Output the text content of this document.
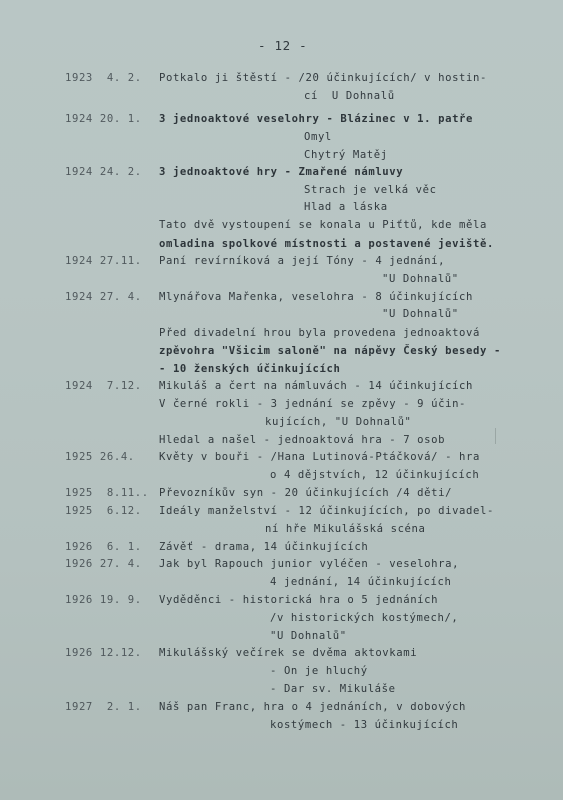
- 12 -
1923  4. 2. Potkalo ji štěstí - /20 účinkujících/ v hostin-
cí  U Dohnalů
1924 20. 1. 3 jednoaktové veselohry - Blázinec v 1. patře
Omyl
Chytrý Matěj
1924 24. 2. 3 jednoaktové hry - Zmařené námluvy
Strach je velká věc
Hlad a láska
Tato dvě vystoupení se konala u Piťtů, kde měla
omladina spolkové místnosti a postavené jeviště.
1924 27.11. Paní revírníková a její Tóny - 4 jednání,
"U Dohnalů"
1924 27. 4. Mlynářova Mařenka, veselohra - 8 účinkujících
"U Dohnalů"
Před divadelní hrou byla provedena jednoaktová
zpěvohra "Všicim saloně" na nápěvy Český besedy -
- 10 ženských účinkujících
1924  7.12. Mikuláš a čert na námluvách - 14 účinkujících
V černé rokli - 3 jednání se zpěvy - 9 účin-
kujících, "U Dohnalů"
Hledal a našel - jednoaktová hra - 7 osob
1925 26.4. Květy v bouři - /Hana Lutinová-Ptáčková/ - hra
o 4 dějstvích, 12 účinkujících
1925  8.11.. Převozníkův syn - 20 účinkujících /4 děti/
1925  6.12. Ideály manželství - 12 účinkujících, po divadel-
ní hře Mikulášská scéna
1926  6. 1. Závěť - drama, 14 účinkujících
1926 27. 4. Jak byl Rapouch junior vyléčen - veselohra,
4 jednání, 14 účinkujících
1926 19. 9. Vyděděnci - historická hra o 5 jednáních
/v historických kostýmech/,
"U Dohnalů"
1926 12.12. Mikulášský večírek se dvěma aktovkami
- On je hluchý
- Dar sv. Mikuláše
1927  2. 1. Náš pan Franc, hra o 4 jednáních, v dobových
kostýmech - 13 účinkujících
